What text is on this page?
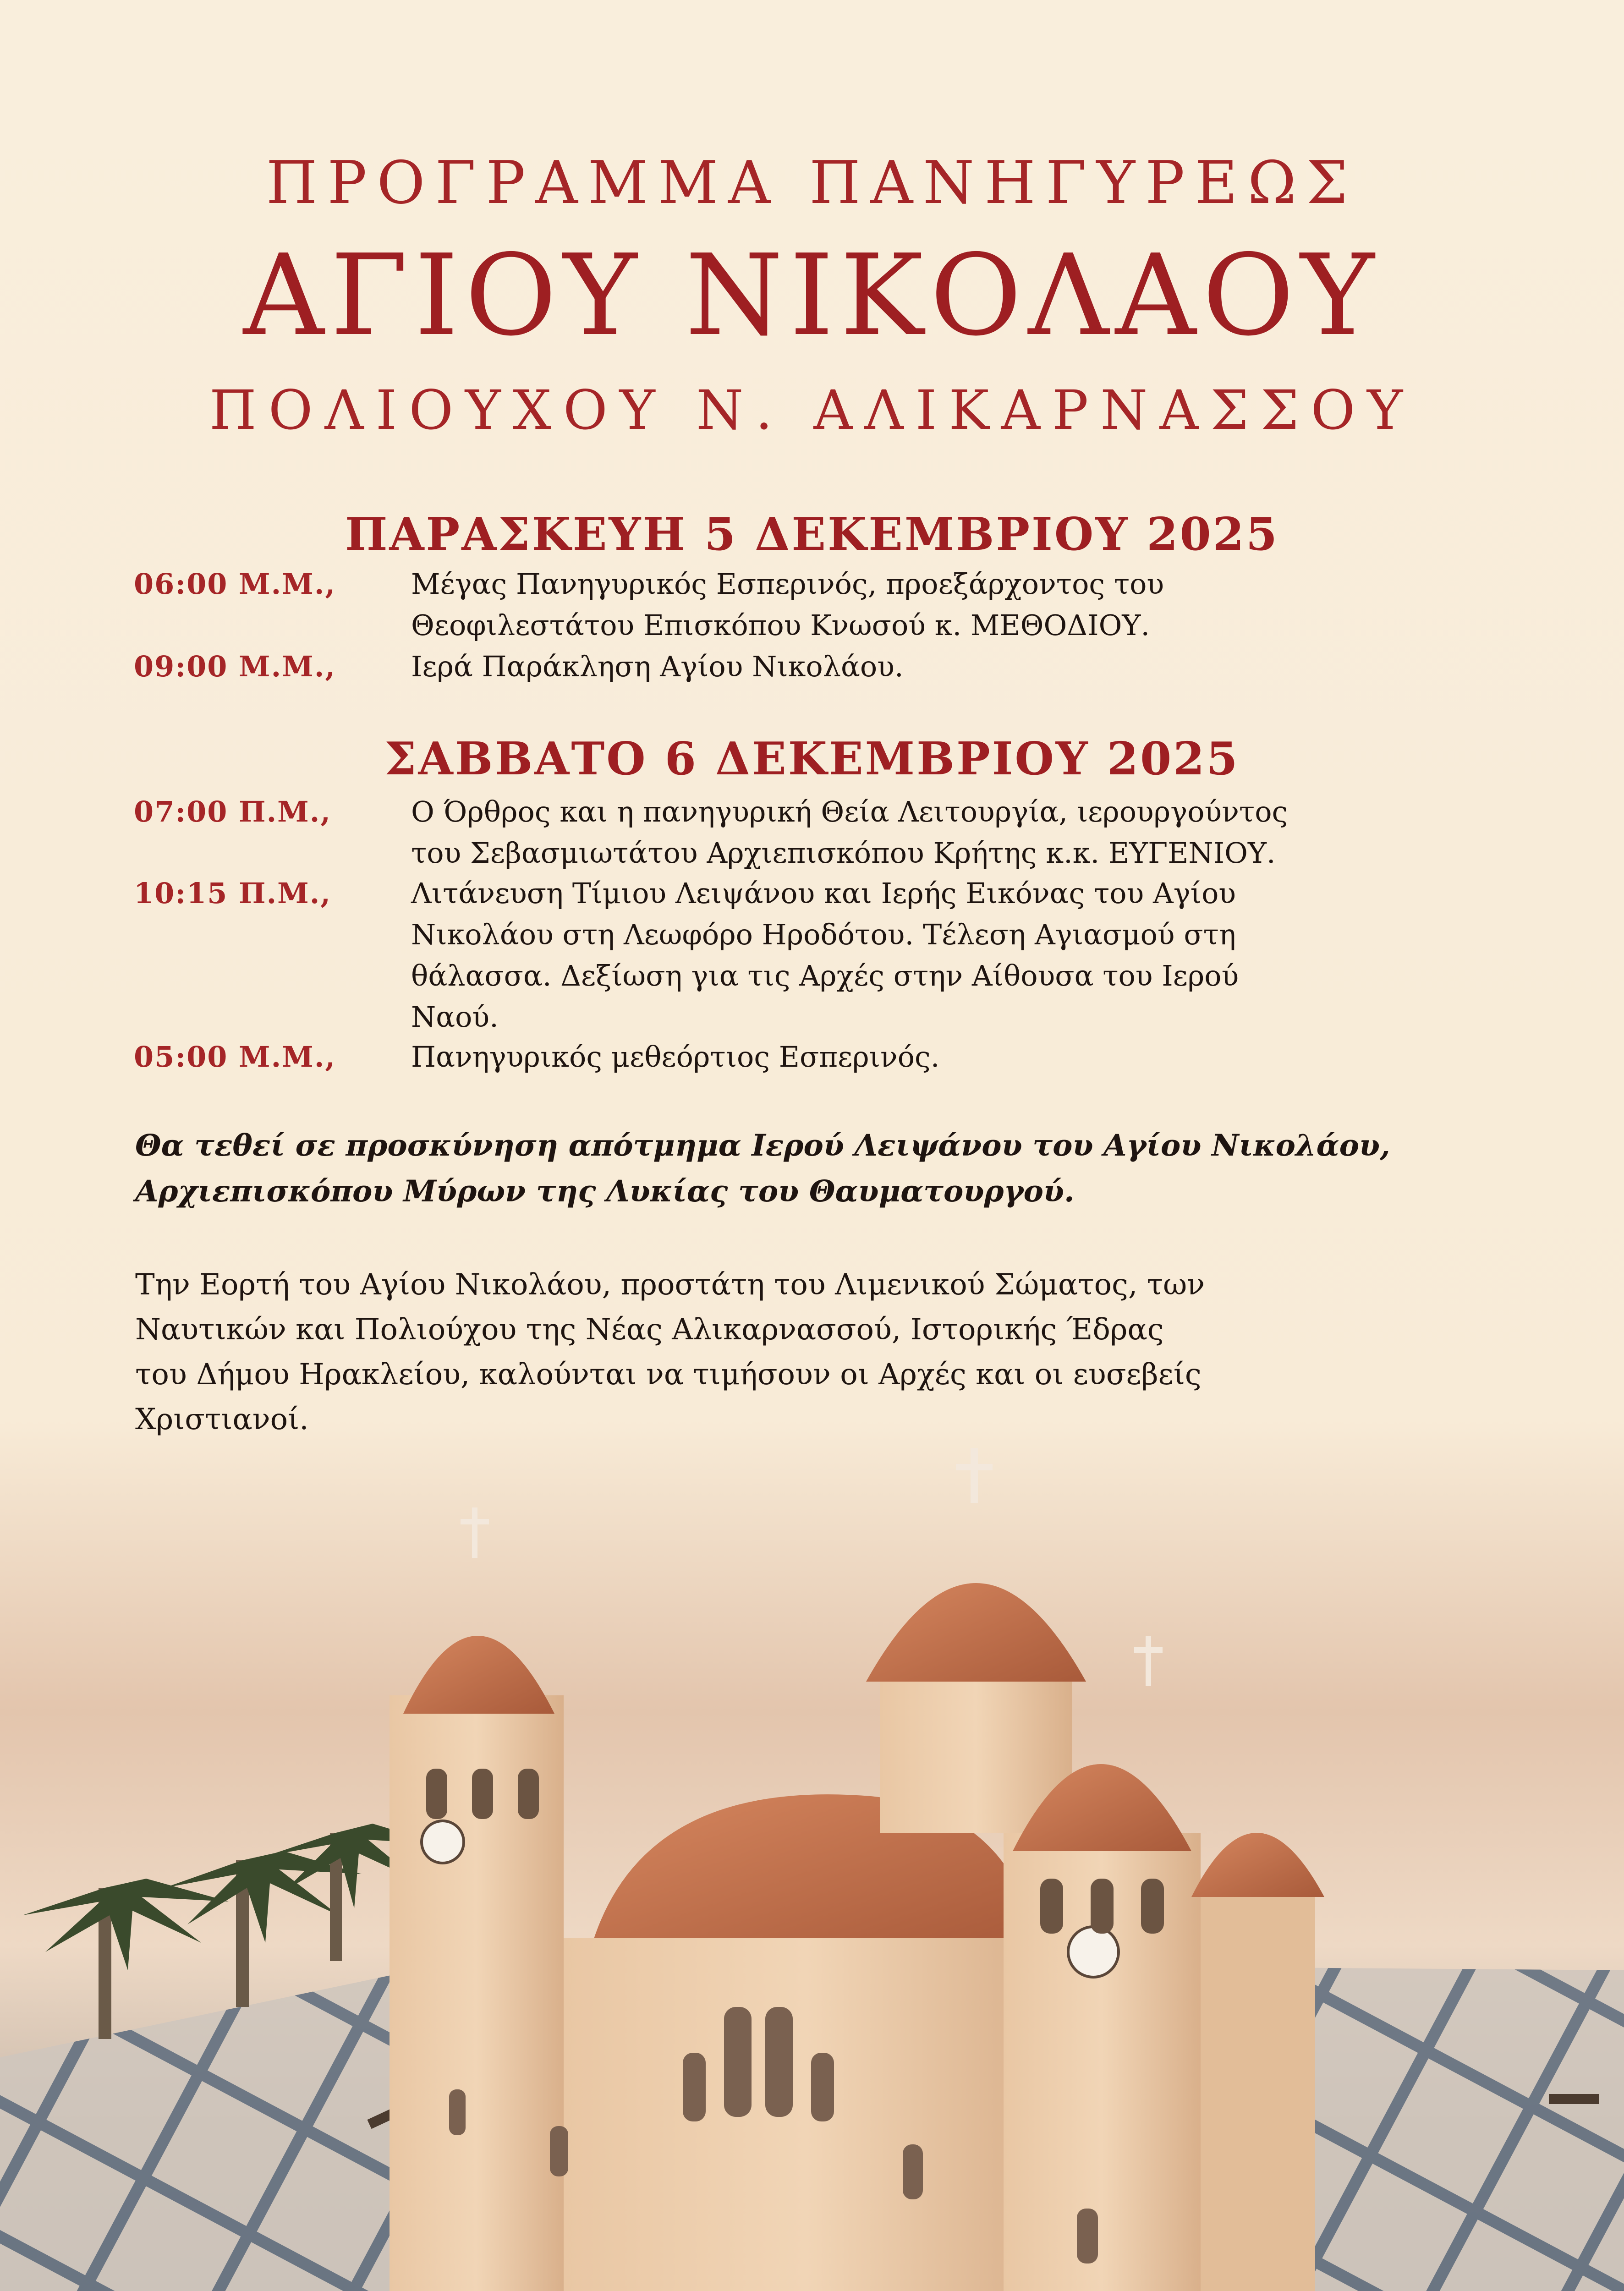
ΠΡΟΓΡΑΜΜΑ ΠΑΝΗΓΥΡΕΩΣ
ΑΓΙΟΥ ΝΙΚΟΛΑΟΥ
ΠΟΛΙΟΥΧΟΥ Ν. ΑΛΙΚΑΡΝΑΣΣΟΥ
ΠΑΡΑΣΚΕΥΗ 5 ΔΕΚΕΜΒΡΙΟΥ 2025
06:00 Μ.Μ.,	Μέγας Πανηγυρικός Εσπερινός, προεξάρχοντος του
Θεοφιλεστάτου Επισκόπου Κνωσού κ. ΜΕΘΟΔΙΟΥ.
09:00 Μ.Μ.,	Ιερά Παράκληση Αγίου Νικολάου.
ΣΑΒΒΑΤΟ 6 ΔΕΚΕΜΒΡΙΟΥ 2025
07:00 Π.Μ.,	Ο Όρθρος και η πανηγυρική Θεία Λειτουργία, ιερουργούντος
του Σεβασμιωτάτου Αρχιεπισκόπου Κρήτης κ.κ. ΕΥΓΕΝΙΟΥ.
10:15 Π.Μ.,	Λιτάνευση Τίμιου Λειψάνου και Ιερής Εικόνας του Αγίου
Νικολάου στη Λεωφόρο Ηροδότου. Τέλεση Αγιασμού στη
θάλασσα. Δεξίωση για τις Αρχές στην Αίθουσα του Ιερού
Ναού.
05:00 Μ.Μ.,	Πανηγυρικός μεθεόρτιος Εσπερινός.
Θα τεθεί σε προσκύνηση απότμημα Ιερού Λειψάνου του Αγίου Νικολάου,
Αρχιεπισκόπου Μύρων της Λυκίας του Θαυματουργού.
Την Εορτή του Αγίου Νικολάου, προστάτη του Λιμενικού Σώματος, των
Ναυτικών και Πολιούχου της Νέας Αλικαρνασσού, Ιστορικής Έδρας
του Δήμου Ηρακλείου, καλούνται να τιμήσουν οι Αρχές και οι ευσεβείς
Χριστιανοί.
